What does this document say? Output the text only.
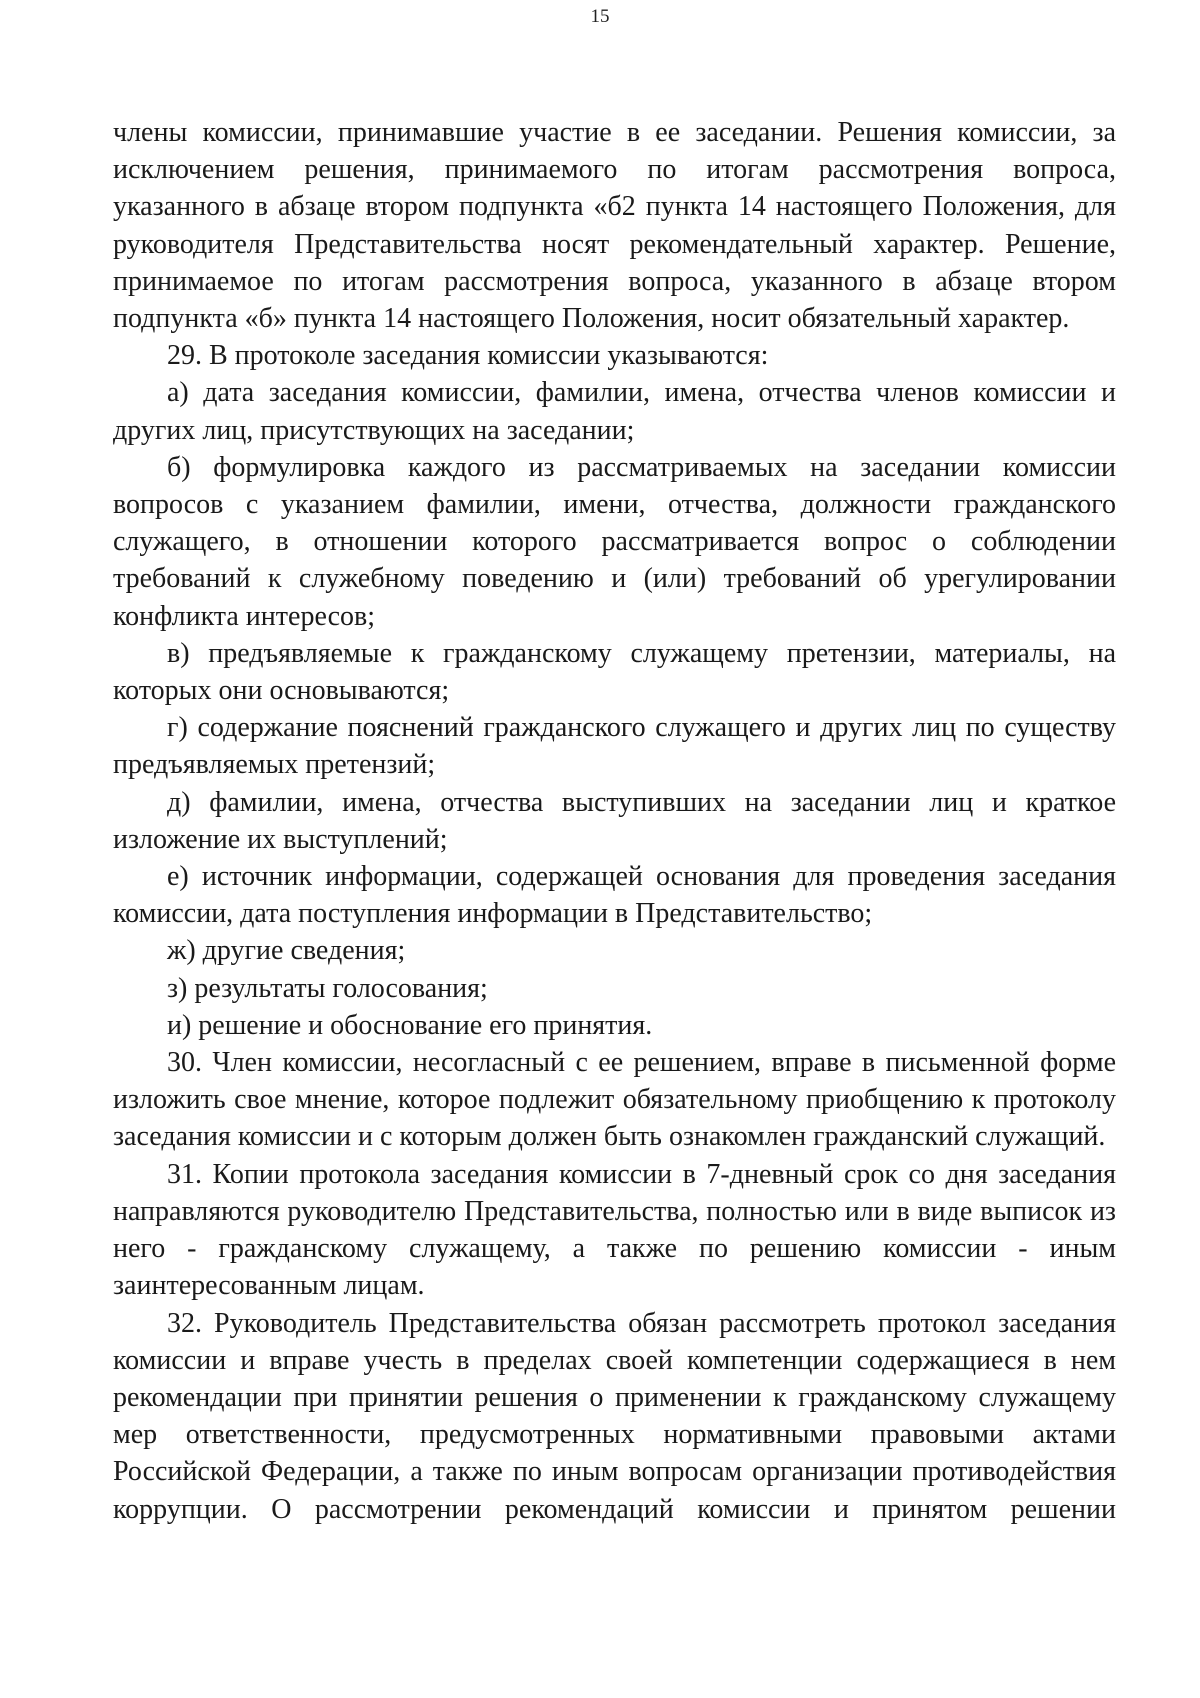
15

члены комиссии, принимавшие участие в ее заседании. Решения комиссии, за исключением решения, принимаемого по итогам рассмотрения вопроса, указанного в абзаце втором подпункта «б2 пункта 14 настоящего Положения, для руководителя Представительства носят рекомендательный характер. Решение, принимаемое по итогам рассмотрения вопроса, указанного в абзаце втором подпункта «б» пункта 14 настоящего Положения, носит обязательный характер.

29. В протоколе заседания комиссии указываются:

а) дата заседания комиссии, фамилии, имена, отчества членов комиссии и других лиц, присутствующих на заседании;

б) формулировка каждого из рассматриваемых на заседании комиссии вопросов с указанием фамилии, имени, отчества, должности гражданского служащего, в отношении которого рассматривается вопрос о соблюдении требований к служебному поведению и (или) требований об урегулировании конфликта интересов;

в) предъявляемые к гражданскому служащему претензии, материалы, на которых они основываются;

г) содержание пояснений гражданского служащего и других лиц по существу предъявляемых претензий;

д) фамилии, имена, отчества выступивших на заседании лиц и краткое изложение их выступлений;

е) источник информации, содержащей основания для проведения заседания комиссии, дата поступления информации в Представительство;

ж) другие сведения;

з) результаты голосования;

и) решение и обоснование его принятия.

30. Член комиссии, несогласный с ее решением, вправе в письменной форме изложить свое мнение, которое подлежит обязательному приобщению к протоколу заседания комиссии и с которым должен быть ознакомлен гражданский служащий.

31. Копии протокола заседания комиссии в 7-дневный срок со дня заседания направляются руководителю Представительства, полностью или в виде выписок из него - гражданскому служащему, а также по решению комиссии - иным заинтересованным лицам.

32. Руководитель Представительства обязан рассмотреть протокол заседания комиссии и вправе учесть в пределах своей компетенции содержащиеся в нем рекомендации при принятии решения о применении к гражданскому служащему мер ответственности, предусмотренных нормативными правовыми актами Российской Федерации, а также по иным вопросам организации противодействия коррупции. О рассмотрении рекомендаций комиссии и принятом решении
